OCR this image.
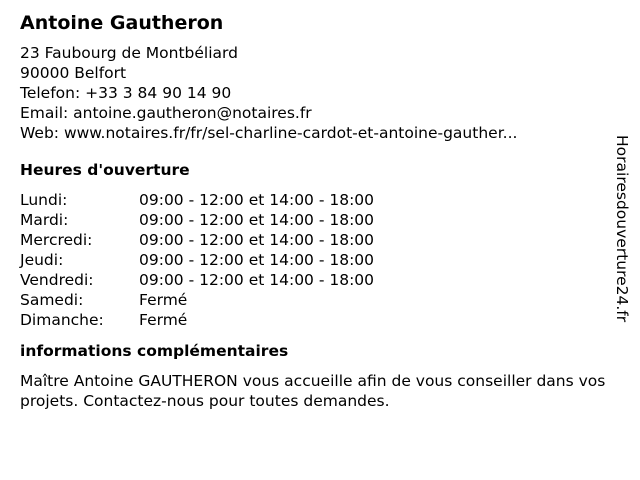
Antoine Gautheron
23 Faubourg de Montbéliard
90000 Belfort
Telefon: +33 3 84 90 14 90
Email: antoine.gautheron@notaires.fr
Web: www.notaires.fr/fr/sel-charline-cardot-et-antoine-gauther...
Heures d'ouverture
Lundi:	09:00 - 12:00 et 14:00 - 18:00
Mardi:	09:00 - 12:00 et 14:00 - 18:00
Mercredi:	09:00 - 12:00 et 14:00 - 18:00
Jeudi:	09:00 - 12:00 et 14:00 - 18:00
Vendredi:	09:00 - 12:00 et 14:00 - 18:00
Samedi:	Fermé
Dimanche:	Fermé
informations complémentaires

Maître Antoine GAUTHERON vous accueille afin de vous conseiller dans vos projets. Contactez-nous pour toutes demandes.

Horairesdouverture24.fr
